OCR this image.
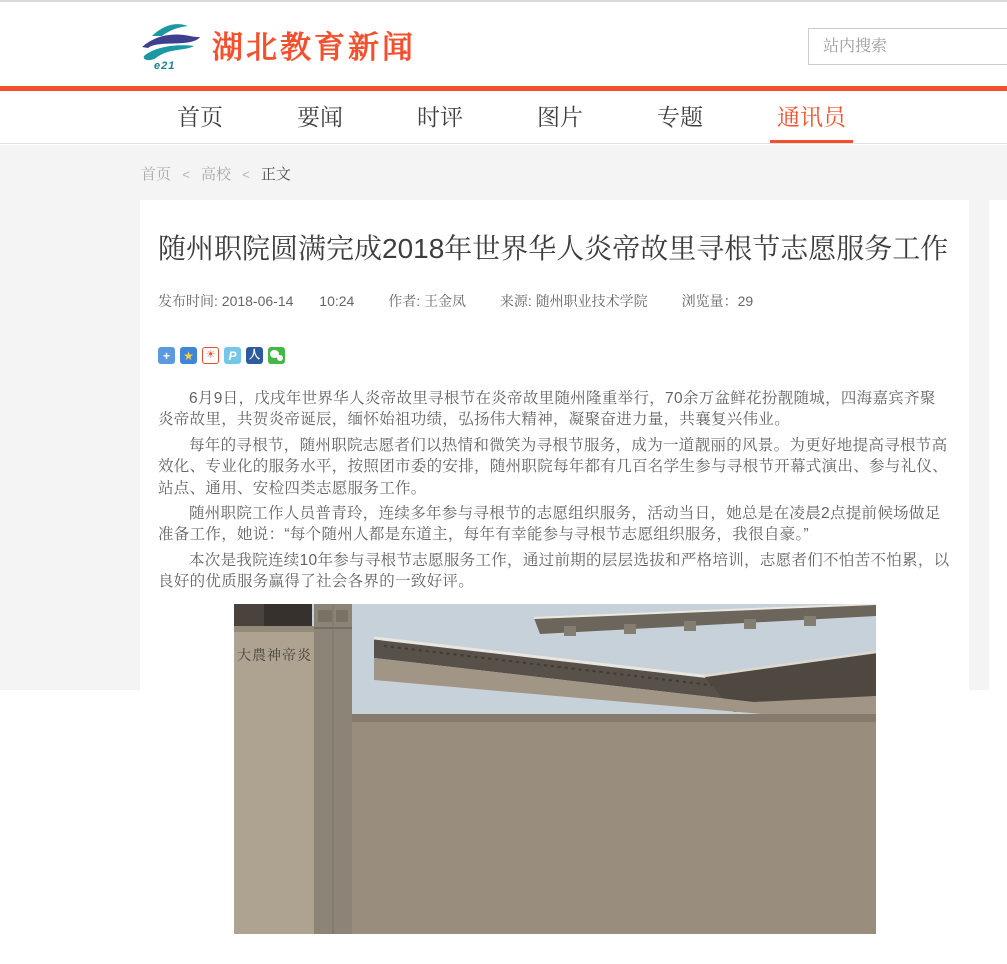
e21
湖北教育新闻
站内搜索
首页	要闻	时评	图片	专题	通讯员
首页 < 高校 < 正文
随州职院圆满完成2018年世界华人炎帝故里寻根节志愿服务工作
发布时间: 2018-06-14 10:24 作者: 王金凤 来源: 随州职业技术学院 浏览量：29
+	★	☀	P	人

6月9日，戊戌年世界华人炎帝故里寻根节在炎帝故里随州隆重举行，70余万盆鲜花扮靓随城，四海嘉宾齐聚炎帝故里，共贺炎帝诞辰，缅怀始祖功绩，弘扬伟大精神，凝聚奋进力量，共襄复兴伟业。

每年的寻根节，随州职院志愿者们以热情和微笑为寻根节服务，成为一道靓丽的风景。为更好地提高寻根节高效化、专业化的服务水平，按照团市委的安排，随州职院每年都有几百名学生参与寻根节开幕式演出、参与礼仪、站点、通用、安检四类志愿服务工作。

随州职院工作人员普青玲，连续多年参与寻根节的志愿组织服务，活动当日，她总是在凌晨2点提前候场做足准备工作，她说：“每个随州人都是东道主，每年有幸能参与寻根节志愿组织服务，我很自豪。”

本次是我院连续10年参与寻根节志愿服务工作，通过前期的层层选拔和严格培训，志愿者们不怕苦不怕累，以良好的优质服务赢得了社会各界的一致好评。

大農神帝炎
